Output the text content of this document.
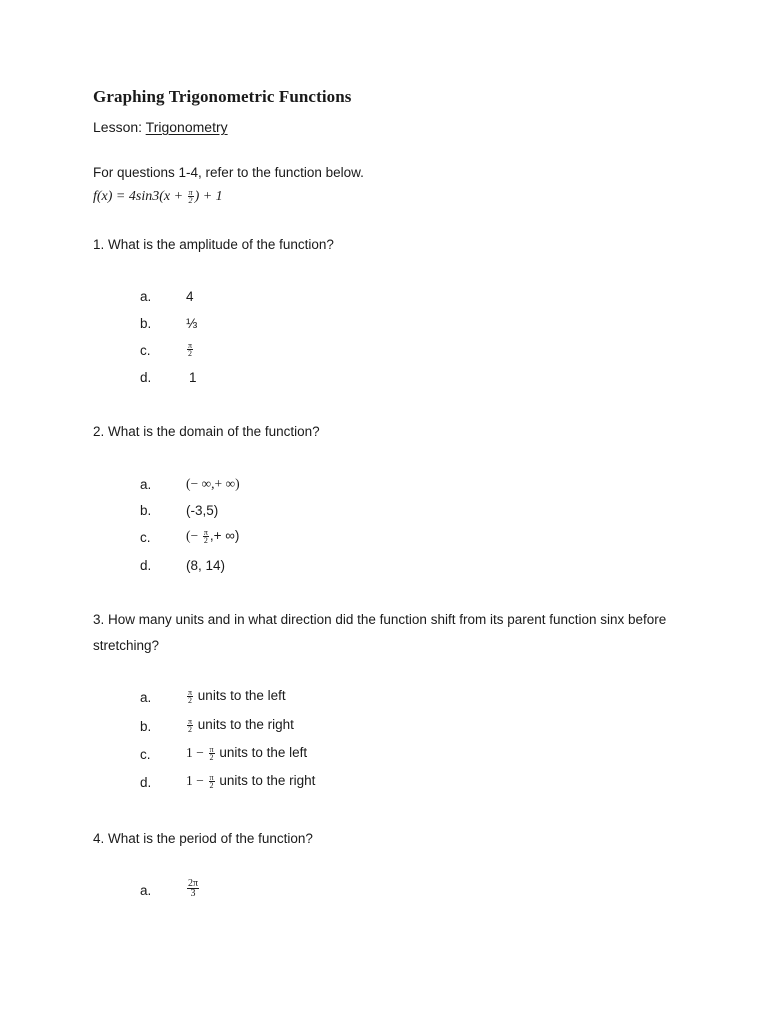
Graphing Trigonometric Functions
Lesson: Trigonometry
For questions 1-4, refer to the function below.
$f(x) = 4\sin 3(x + \frac{\pi}{2}$ ) + 1
1. What is the amplitude of the function?
a.	4
b.	⅓
c.	$\frac{\pi}{2}$
d.	1
2. What is the domain of the function?
a.	(− ∞,+ ∞)
b.	(-3,5)
c.	(− $\frac{\pi}{2}$ ,+ ∞)
d.	(8, 14)
3. How many units and in what direction did the function shift from its parent function sinx before stretching?
a.	$\frac{\pi}{2}$ units to the left
b.	$\frac{\pi}{2}$ units to the right
c.	$1 - \frac{\pi}{2}$ units to the left
d.	$1 - \frac{\pi}{2}$ units to the right
4. What is the period of the function?
a.	$\frac{2\pi}{3}$
